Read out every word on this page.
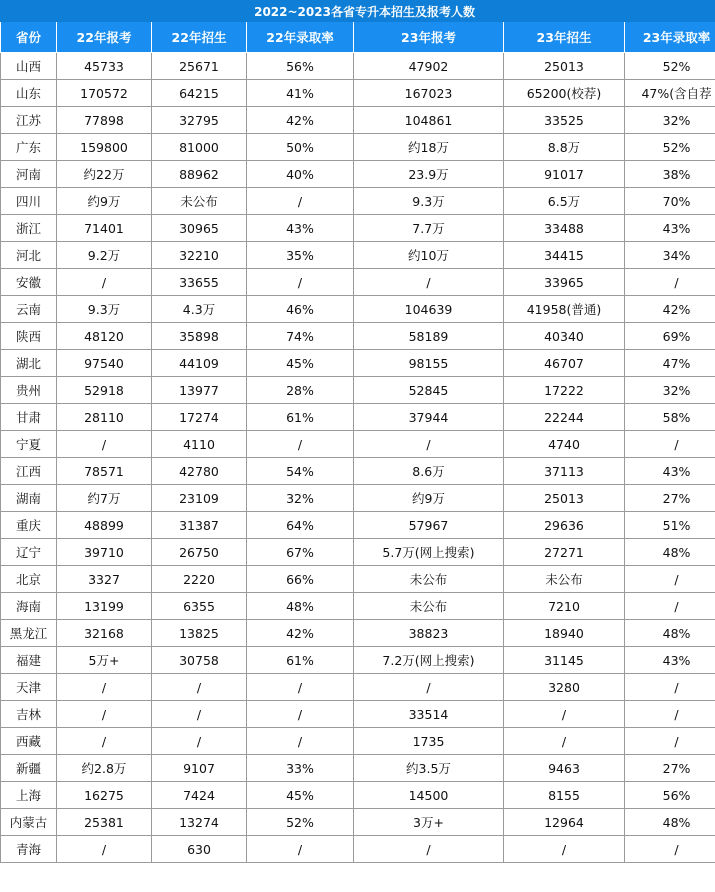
2022~2023各省专升本招生及报考人数						
省份	22年报考	22年招生	22年录取率	23年报考	23年招生	23年录取率
山西	45733	25671	56%	47902	25013	52%
山东	170572	64215	41%	167023	65200(校荐)	47%(含自荐
江苏	77898	32795	42%	104861	33525	32%
广东	159800	81000	50%	约18万	8.8万	52%
河南	约22万	88962	40%	23.9万	91017	38%
四川	约9万	未公布	/	9.3万	6.5万	70%
浙江	71401	30965	43%	7.7万	33488	43%
河北	9.2万	32210	35%	约10万	34415	34%
安徽	/	33655	/	/	33965	/
云南	9.3万	4.3万	46%	104639	41958(普通)	42%
陕西	48120	35898	74%	58189	40340	69%
湖北	97540	44109	45%	98155	46707	47%
贵州	52918	13977	28%	52845	17222	32%
甘肃	28110	17274	61%	37944	22244	58%
宁夏	/	4110	/	/	4740	/
江西	78571	42780	54%	8.6万	37113	43%
湖南	约7万	23109	32%	约9万	25013	27%
重庆	48899	31387	64%	57967	29636	51%
辽宁	39710	26750	67%	5.7万(网上搜索)	27271	48%
北京	3327	2220	66%	未公布	未公布	/
海南	13199	6355	48%	未公布	7210	/
黑龙江	32168	13825	42%	38823	18940	48%
福建	5万+	30758	61%	7.2万(网上搜索)	31145	43%
天津	/	/	/	/	3280	/
吉林	/	/	/	33514	/	/
西藏	/	/	/	1735	/	/
新疆	约2.8万	9107	33%	约3.5万	9463	27%
上海	16275	7424	45%	14500	8155	56%
内蒙古	25381	13274	52%	3万+	12964	48%
青海	/	630	/	/	/	/
